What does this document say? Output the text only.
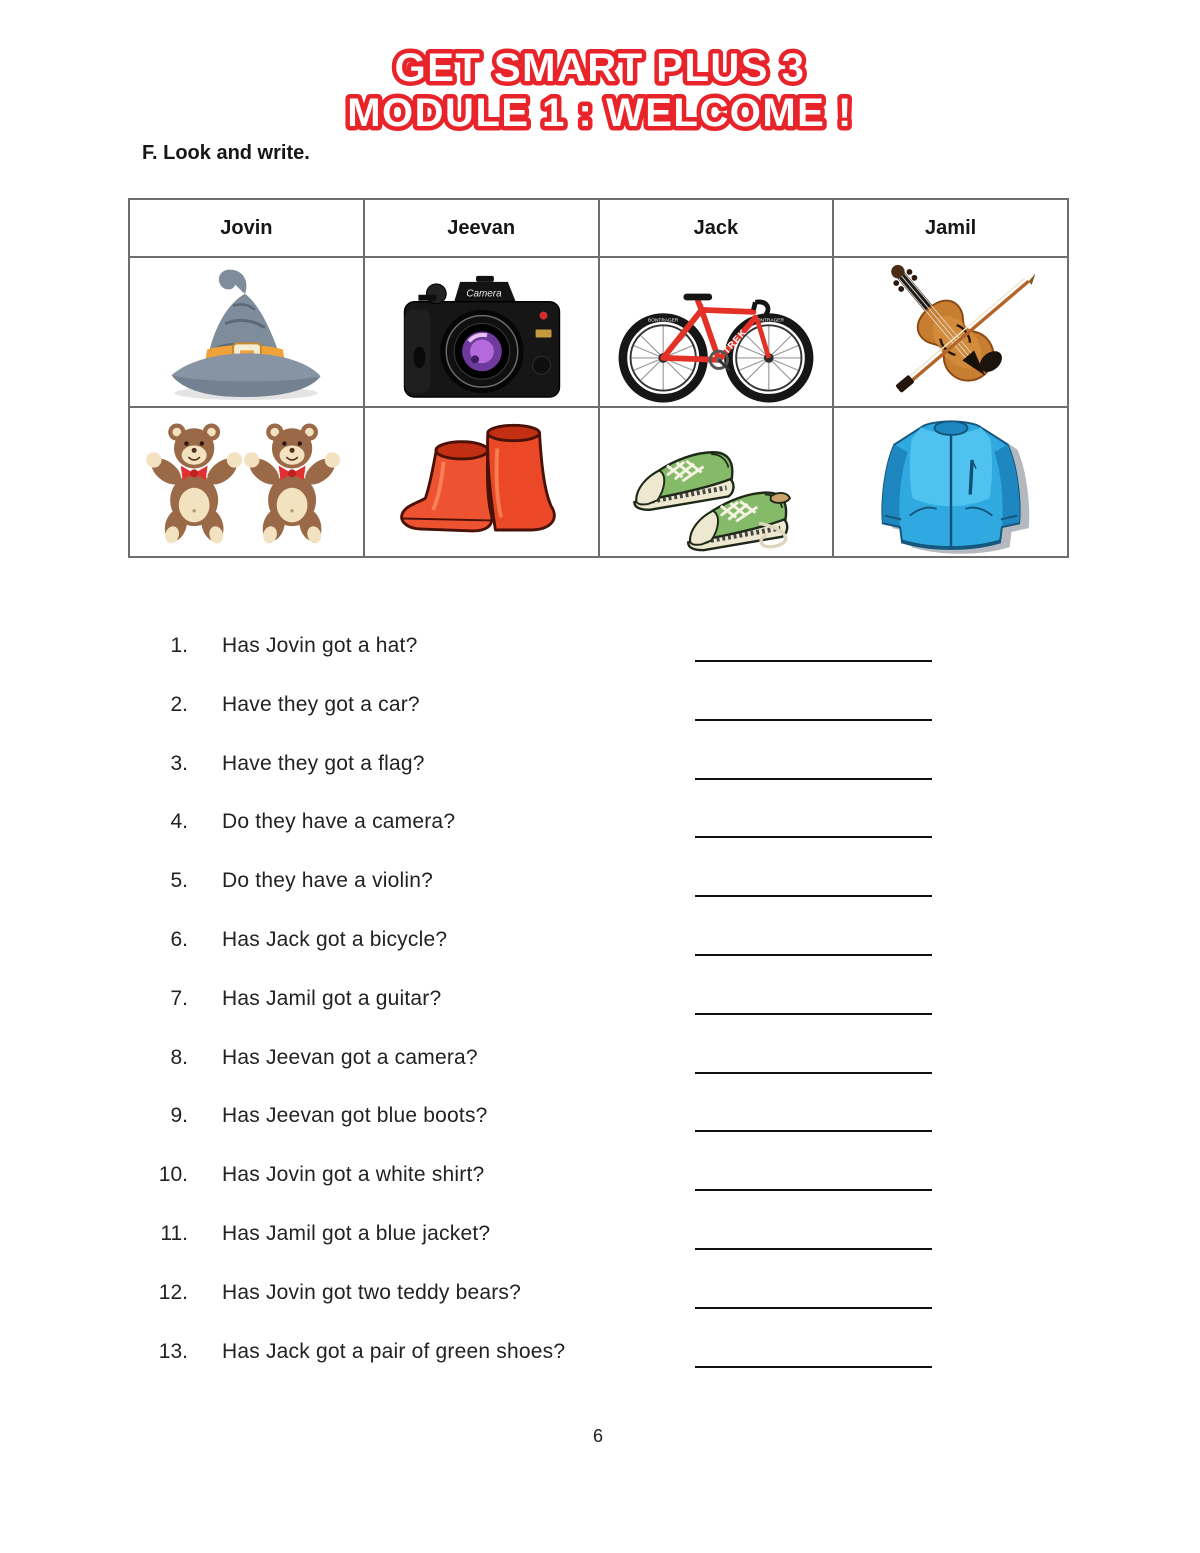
GET SMART PLUS 3
MODULE 1 : WELCOME !
F. Look and write.
Jovin	Jeevan	Jack	Jamil

Camera	BONTRAGER BONTRAGER
TREK

1. Has Jovin got a hat?
2. Have they got a car?
3. Have they got a flag?
4. Do they have a camera?
5. Do they have a violin?
6. Has Jack got a bicycle?
7. Has Jamil got a guitar?
8. Has Jeevan got a camera?
9. Has Jeevan got blue boots?
10. Has Jovin got a white shirt?
11. Has Jamil got a blue jacket?
12. Has Jovin got two teddy bears?
13. Has Jack got a pair of green shoes?
6
